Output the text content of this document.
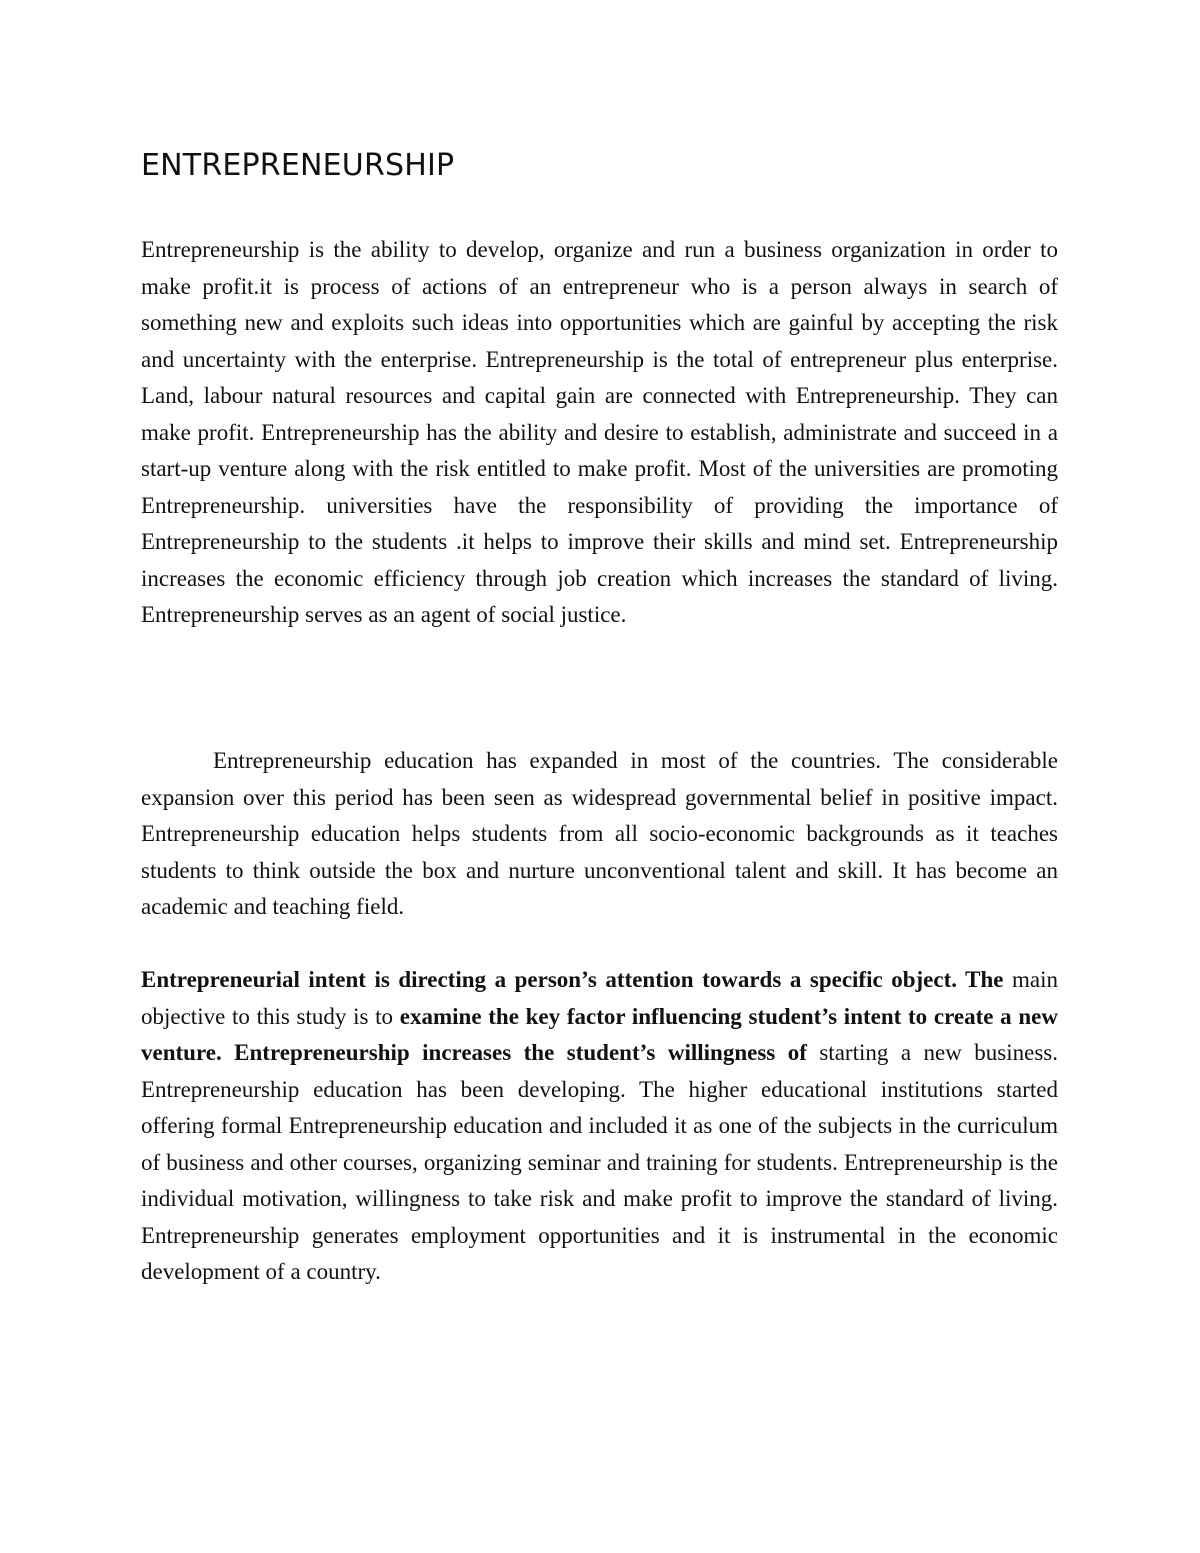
ENTREPRENEURSHIP

Entrepreneurship is the ability to develop, organize and run a business organization in order to make profit.it is process of actions of an entrepreneur who is a person always in search of something new and exploits such ideas into opportunities which are gainful by accepting the risk and uncertainty with the enterprise. Entrepreneurship is the total of entrepreneur plus enterprise. Land, labour natural resources and capital gain are connected with Entrepreneurship. They can make profit. Entrepreneurship has the ability and desire to establish, administrate and succeed in a start-up venture along with the risk entitled to make profit. Most of the universities are promoting Entrepreneurship. universities have the responsibility of providing the importance of Entrepreneurship to the students .it helps to improve their skills and mind set. Entrepreneurship increases the economic efficiency through job creation which increases the standard of living. Entrepreneurship serves as an agent of social justice.

Entrepreneurship education has expanded in most of the countries. The considerable expansion over this period has been seen as widespread governmental belief in positive impact. Entrepreneurship education helps students from all socio-economic backgrounds as it teaches students to think outside the box and nurture unconventional talent and skill. It has become an academic and teaching field.

Entrepreneurial intent is directing a person’s attention towards a specific object. The main objective to this study is to examine the key factor influencing student’s intent to create a new venture. Entrepreneurship increases the student’s willingness of starting a new business. Entrepreneurship education has been developing. The higher educational institutions started offering formal Entrepreneurship education and included it as one of the subjects in the curriculum of business and other courses, organizing seminar and training for students. Entrepreneurship is the individual motivation, willingness to take risk and make profit to improve the standard of living. Entrepreneurship generates employment opportunities and it is instrumental in the economic development of a country.
